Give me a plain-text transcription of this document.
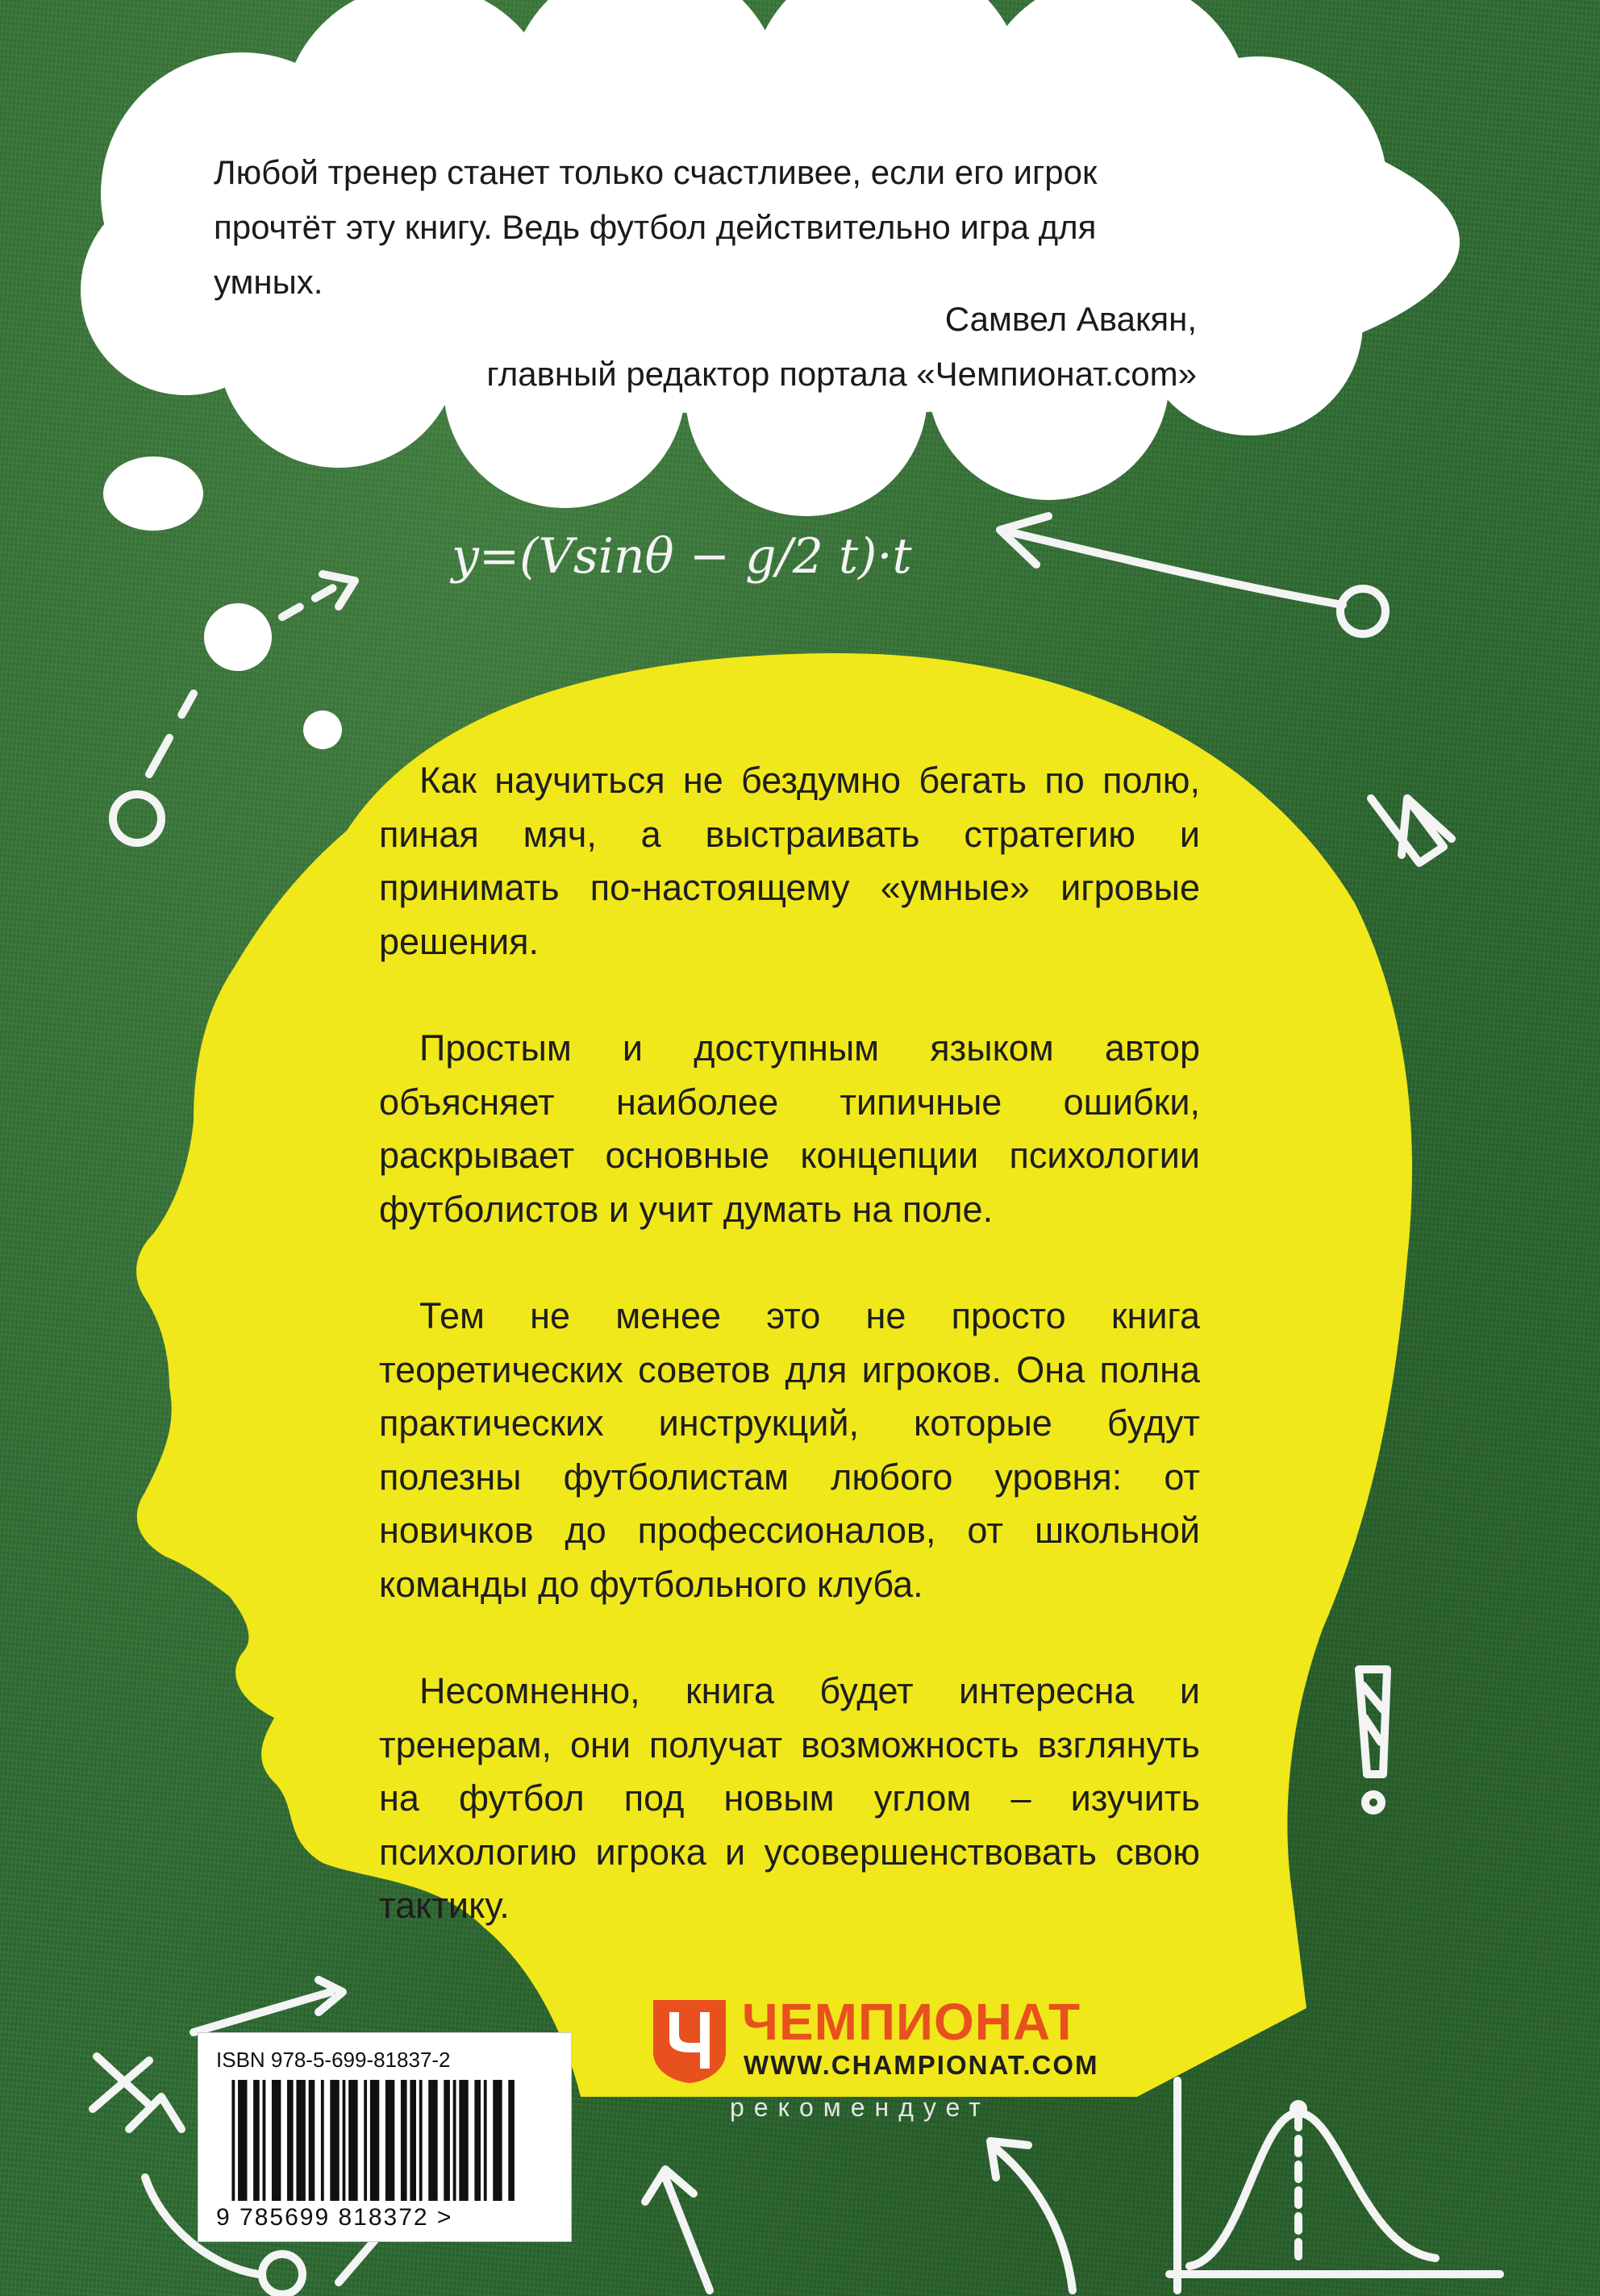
y=(Vsinθ − g/2 t)·t
Любой тренер станет только счастливее, если его игрок прочтёт эту книгу. Ведь футбол действительно игра для умных.
Самвел Авакян,
главный редактор портала «Чемпионат.com»

Как научиться не бездумно бегать по полю, пиная мяч, а выстраивать стратегию и принимать по-настоящему «умные» игровые решения.

Простым и доступным языком автор объясняет наиболее типичные ошибки, раскрывает основные концепции психологии футболистов и учит думать на поле.

Тем не менее это не просто книга теоретических советов для игроков. Она полна практических инструкций, которые будут полезны футболистам любого уровня: от новичков до профессионалов, от школьной команды до футбольного клуба.

Несомненно, книга будет интересна и тренерам, они получат возможность взглянуть на футбол под новым углом – изучить психологию игрока и усовершенствовать свою тактику.

ISBN 978-5-699-81837-2
9 785699 818372 >
ЧЕМПИОНАТ
WWW.CHAMPIONAT.COM
рекомендует
